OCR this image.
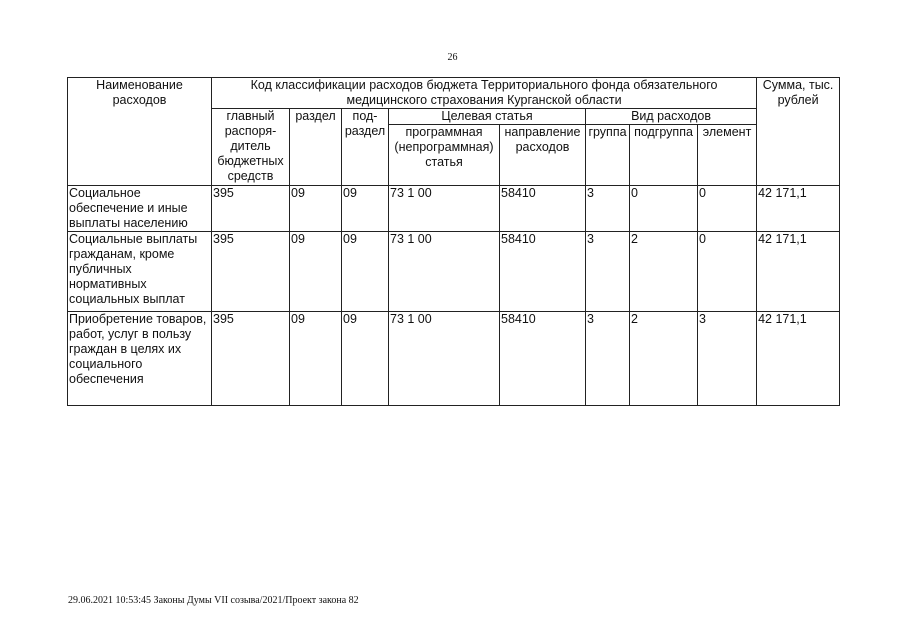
26
Наименование расходов	Код классификации расходов бюджета Территориального фонда обязательного медицинского страхования Курганской области								Сумма, тыс. рублей
	главный распоря-дитель бюджетных средств	раздел	под-раздел	Целевая статья		Вид расходов			
				программная (непрограммная) статья	направление расходов	группа	подгруппа	элемент	
Социальное обеспечение и иные выплаты населению	395	09	09	73 1 00	58410	3	0	0	42 171,1
Социальные выплаты гражданам, кроме публичных нормативных социальных выплат	395	09	09	73 1 00	58410	3	2	0	42 171,1
Приобретение товаров, работ, услуг в пользу граждан в целях их социального обеспечения	395	09	09	73 1 00	58410	3	2	3	42 171,1
29.06.2021 10:53:45 Законы Думы VII созыва/2021/Проект закона 82
